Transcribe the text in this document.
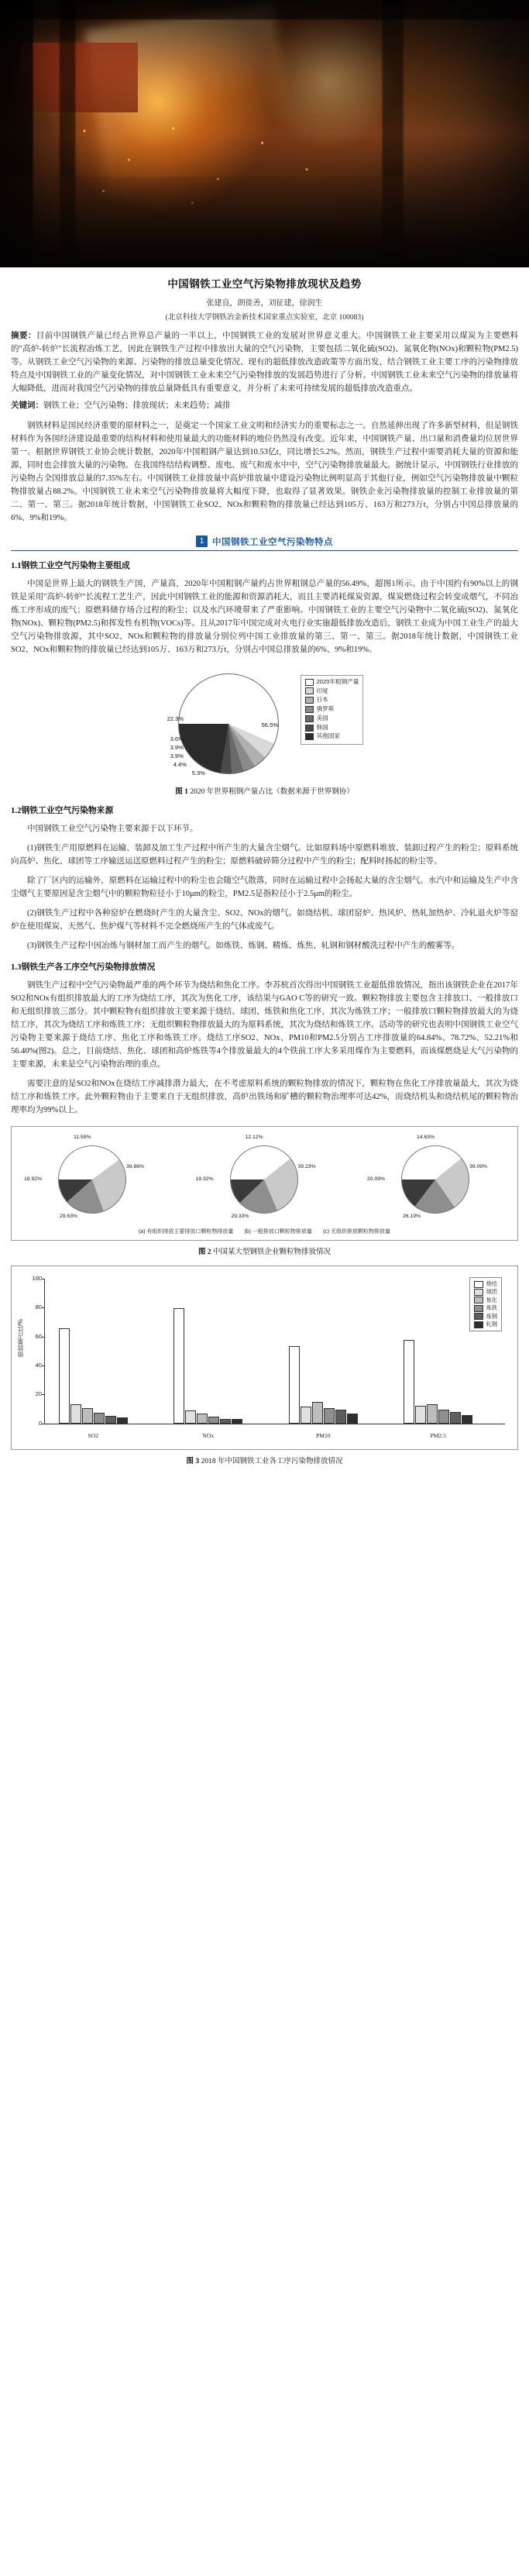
中国钢铁工业空气污染物排放现状及趋势
张建良，朗徙善，刘征建，徐润生
(北京科技大学钢铁冶金新技术国家重点实验室，北京 100083)
摘要：目前中国钢铁产量已经占世界总产量的一半以上，中国钢铁工业的发展对世界意义重大。中国钢铁工业主要采用以煤炭为主要燃料的"高炉-转炉"长流程冶炼工艺，因此在钢铁生产过程中排放出大量的空气污染物，主要包括二氧化硫(SO2)、氮氧化物(NOx)和颗粒物(PM2.5)等。从钢铁工业空气污染物的来源、污染物的排放总量变化情况、现有的超低排放改造政策等方面出发，结合钢铁工业主要工序的污染物排放特点及中国钢铁工业的产量变化情况，对中国钢铁工业未来空气污染物排放的发展趋势进行了分析。中国钢铁工业未来空气污染物的排放量将大幅降低，进而对我国空气污染物的排放总量降低具有重要意义，并分析了未来可持续发展的超低排放改造重点。
关键词：钢铁工业；空气污染物；排放现状；未来趋势；减排
钢铁材料是国民经济重要的原材料之一，是奠定一个国家工业文明和经济实力的重要标志之一。自然延伸出现了许多新型材料，但是钢铁材料作为各国经济建设最重要的结构材料和使用量最大的功能材料的地位仍然没有改变。近年来，中国钢铁产量、出口量和消费量均位居世界第一。根据世界钢铁工业协会统计数据，2020年中国粗钢产量达到10.53亿t，同比增长5.2%。然而，钢铁生产过程中需要消耗大量的资源和能源，同时也会排放大量的污染物。在我国终结结构调整、废电、废气和废水中中，空气污染物排放量最大。据统计显示，中国钢铁行业排放的污染物占全国排放总量的7.35%左右。中国钢铁工业排放量中高炉排放量中建设污染物比例明显高于其他行业，例如空气污染物排放量中颗粒物排放量占88.2%。中国钢铁工业未来空气污染物排放量将大幅度下降，也取得了显著效果。钢铁企业污染物排放量的控制工业排放量的第二、第一、第三。据2018年统计数据，中国钢铁工业SO2、NOx和颗粒物的排放量已经达到105万、163万和273万t，分别占中国总排放量的6%、9%和19%。
1 中国钢铁工业空气污染物特点
1.1钢铁工业空气污染物主要组成
中国是世界上最大的钢铁生产国，产量高，2020年中国粗钢产量约占世界粗钢总产量的56.49%，超图1所示。由于中国约有90%以上的钢铁是采用"高炉-转炉"长流程工艺生产，因此中国钢铁工业的能源和资源消耗大，而且主要消耗煤炭资源，煤炭燃烧过程会转变成烟气，不同冶炼工序形成的废气；原燃料储存场合过程的粉尘；以及水汽环境带来了严重影响。中国钢铁工业的主要空气污染物中二氧化硫(SO2)、氮氧化物(NOx)、颗粒物(PM2.5)和挥发性有机物(VOCs)等。且从2017年中国完成对火电行业实施超低排放改造后，钢铁工业成为中国工业生产的最大空气污染物排放源，其中SO2、NOx和颗粒物的排放量分别位列中国工业排放量的第三、第一、第三。据2018年统计数据，中国钢铁工业SO2、NOx和颗粒物的排放量已经达到105万、163万和273万t，分别占中国总排放量的6%、9%和19%。
22.3%
56.5%
3.6%
3.9%
3.9%
4.4%
5.3%
2020年粗钢产量
印度
日本
俄罗斯
美国
韩国
其他国家
图 1 2020 年世界粗钢产量占比（数据来源于世界钢协）
1.2钢铁工业空气污染物来源
中国钢铁工业空气污染物主要来源于以下环节。
(1)钢铁生产用原燃料在运输、装卸及加工生产过程中所产生的大量含尘烟气。比如原料场中原燃料堆放、装卸过程产生的粉尘；原料系统向高炉、焦化、球团等工序输送运送原燃料过程产生的粉尘；原燃料破碎筛分过程中产生的粉尘；配料时扬起的粉尘等。
除了厂区内的运输外，原燃料在运输过程中的粉尘也会随空气散落，同时在运输过程中会扬起大量的含尘烟气。水汽中和运输及生产中含尘烟气主要原因是含尘烟气中的颗粒物粒径小于10μm的粉尘，PM2.5是指粒径小于2.5μm的粉尘。
(2)钢铁生产过程中各种窑炉在燃烧时产生的大量含尘、SO2、NOx的烟气。如烧结机、球团窑炉、热风炉、热轧加热炉、冷轧退火炉等窑炉在使用煤炭、天然气、焦炉煤气等材料不完全燃烧所产生的气体或废气。
(3)钢铁生产过程中因冶炼与钢材加工而产生的烟气。如炼铁、炼钢、精炼、炼焦、轧钢和钢材酸洗过程中产生的酸雾等。
1.3钢铁生产各工序空气污染物排放情况
钢铁生产过程中空气污染物最严重的两个环节为烧结和焦化工序。李苏杭首次得出中国钢铁工业超低排放情况，指出该钢铁企业在2017年SO2和NOx有组织排放最大的工序为烧结工序，其次为焦化工序，该结果与GAO C等的研究一致。颗粒物排放主要包含主排放口、一般排放口和无组织排放三部分。其中颗粒物有组织排放主要来源于烧结、球团、炼铁和焦化工序，其次为炼铁工序；一般排放口颗粒物排放最大的为烧结工序，其次为烧结工序和炼铁工序；无组织颗粒物排放最大的为原料系统，其次为烧结和炼铁工序。活动等的研究也表明中国钢铁工业空气污染物主要来源于烧结工序、焦化工序和炼铁工序。烧结工序SO2、NOx、PM10和PM2.5分别占工序排放量的64.84%、78.72%、52.21%和56.40%(图2)。总之，目前烧结、焦化、球团和高炉炼铁等4个排放量最大的4个铁前工序大多采用煤作为主要燃料，而该煤燃烧是大气污染物的主要来源，未来是空气污染物治理的重点。
需要注意的是SO2和NOx在烧结工序减排潜力最大，在不考虑原料系统的颗粒物排放的情况下，颗粒物在焦化工序排放量最大，其次为烧结工序和炼铁工序。此外颗粒物由于主要来自于无组织排放，高炉出铁场和矿槽的颗粒物治理率可达42%，而烧结机头和烧结机尾的颗粒物治理率均为99%以上。
39.86%
29.63%
18.92%
11.59%
39.23%
29.33%
19.32%
12.12%
39.09%
26.19%
20.09%
14.63%
(a) 有组织排放主要排放口颗粒物排放量 (b) 一般排放口颗粒物排放量 (c) 无组织排放颗粒物排放量
图 2 中国某大型钢铁企业颗粒物排放情况
排放量占比/%
0
20
40
60
80
100
SO2	NOx	PM10	PM2.5
烧结
球团
焦化
炼铁
炼钢
轧钢
图 3 2018 年中国钢铁工业各工序污染物排放情况
